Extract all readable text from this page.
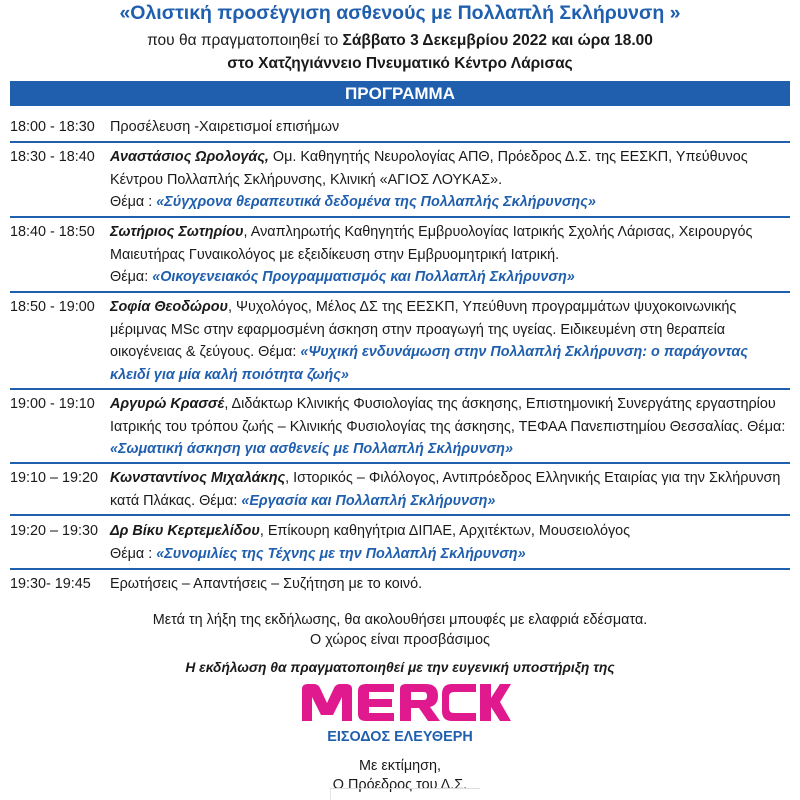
«Ολιστική προσέγγιση ασθενούς με Πολλαπλή Σκλήρυνση »
που θα πραγματοποιηθεί το Σάββατο 3 Δεκεμβρίου 2022 και ώρα 18.00
στο Χατζηγιάννειο Πνευματικό Κέντρο Λάρισας
ΠΡΟΓΡΑΜΜΑ
18:00 - 18:30	Προσέλευση -Χαιρετισμοί επισήμων
18:30 - 18:40	Αναστάσιος Ωρολογάς, Ομ. Καθηγητής Νευρολογίας ΑΠΘ, Πρόεδρος Δ.Σ. της ΕΕΣΚΠ, Υπεύθυνος Κέντρου Πολλαπλής Σκλήρυνσης, Κλινική «ΑΓΙΟΣ ΛΟΥΚΑΣ».
Θέμα : «Σύγχρονα θεραπευτικά δεδομένα της Πολλαπλής Σκλήρυνσης»
18:40 - 18:50	Σωτήριος Σωτηρίου, Αναπληρωτής Καθηγητής Εμβρυολογίας Ιατρικής Σχολής Λάρισας, Χειρουργός Μαιευτήρας Γυναικολόγος με εξειδίκευση στην Εμβρυομητρική Ιατρική.
Θέμα: «Οικογενειακός Προγραμματισμός και Πολλαπλή Σκλήρυνση»
18:50 - 19:00	Σοφία Θεοδώρου, Ψυχολόγος, Μέλος ΔΣ της ΕΕΣΚΠ, Υπεύθυνη προγραμμάτων ψυχοκοινωνικής μέριμνας MSc στην εφαρμοσμένη άσκηση στην προαγωγή της υγείας. Ειδικευμένη στη θεραπεία οικογένειας & ζεύγους. Θέμα: «Ψυχική ενδυνάμωση στην Πολλαπλή Σκλήρυνση: ο παράγοντας κλειδί για μία καλή ποιότητα ζωής»
19:00 - 19:10	Αργυρώ Κρασσέ, Διδάκτωρ Κλινικής Φυσιολογίας της άσκησης, Επιστημονική Συνεργάτης εργαστηρίου Ιατρικής του τρόπου ζωής – Κλινικής Φυσιολογίας της άσκησης, ΤΕΦΑΑ Πανεπιστημίου Θεσσαλίας. Θέμα: «Σωματική άσκηση για ασθενείς με Πολλαπλή Σκλήρυνση»
19:10 – 19:20 Κωνσταντίνος Μιχαλάκης, Ιστορικός – Φιλόλογος, Αντιπρόεδρος Ελληνικής Εταιρίας για την Σκλήρυνση κατά Πλάκας. Θέμα: «Εργασία και Πολλαπλή Σκλήρυνση»
19:20 – 19:30 Δρ Βίκυ Κερτεμελίδου, Επίκουρη καθηγήτρια ΔΙΠΑΕ, Αρχιτέκτων, Μουσειολόγος
Θέμα : «Συνομιλίες της Τέχνης με την Πολλαπλή Σκλήρυνση»
19:30- 19:45	Ερωτήσεις – Απαντήσεις – Συζήτηση με το κοινό.
Μετά τη λήξη της εκδήλωσης, θα ακολουθήσει μπουφές με ελαφριά εδέσματα.
Ο χώρος είναι προσβάσιμος
Η εκδήλωση θα πραγματοποιηθεί με την ευγενική υποστήριξη της
ΕΙΣΟΔΟΣ ΕΛΕΥΘΕΡΗ
Με εκτίμηση,
Ο Πρόεδρος του Δ.Σ.
